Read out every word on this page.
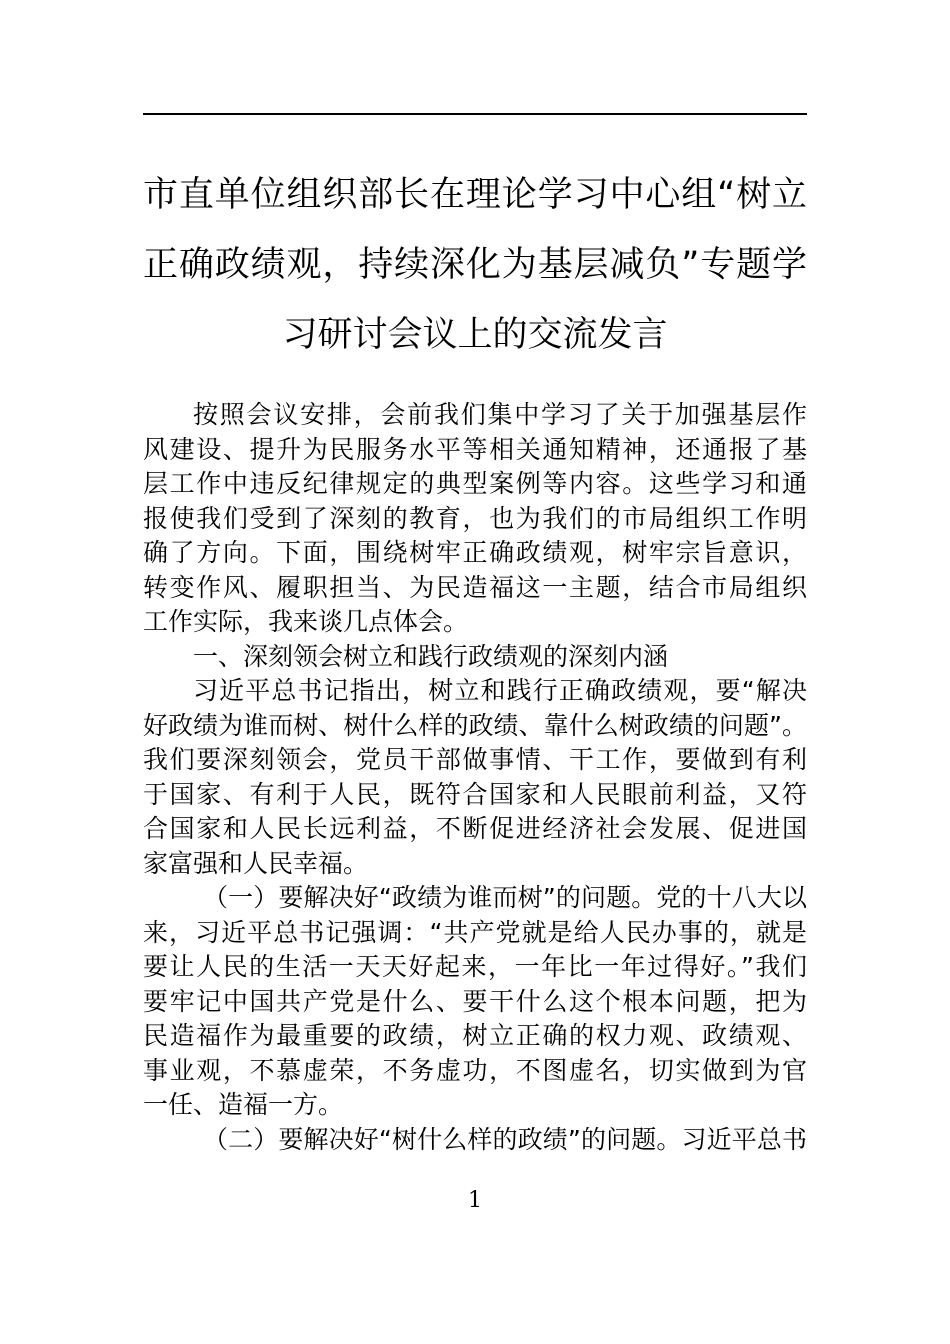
市直单位组织部长在理论学习中心组“树立
正确政绩观，持续深化为基层减负”专题学
习研讨会议上的交流发言
按照会议安排，会前我们集中学习了关于加强基层作
风建设、提升为民服务水平等相关通知精神，还通报了基
层工作中违反纪律规定的典型案例等内容。这些学习和通
报使我们受到了深刻的教育，也为我们的市局组织工作明
确了方向。下面，围绕树牢正确政绩观，树牢宗旨意识，
转变作风、履职担当、为民造福这一主题，结合市局组织
工作实际，我来谈几点体会。
一、深刻领会树立和践行政绩观的深刻内涵
习近平总书记指出，树立和践行正确政绩观，要“解决
好政绩为谁而树、树什么样的政绩、靠什么树政绩的问题”。
我们要深刻领会，党员干部做事情、干工作，要做到有利
于国家、有利于人民，既符合国家和人民眼前利益，又符
合国家和人民长远利益，不断促进经济社会发展、促进国
家富强和人民幸福。
（一）要解决好“政绩为谁而树”的问题。党的十八大以
来，习近平总书记强调：“共产党就是给人民办事的，就是
要让人民的生活一天天好起来，一年比一年过得好。”我们
要牢记中国共产党是什么、要干什么这个根本问题，把为
民造福作为最重要的政绩，树立正确的权力观、政绩观、
事业观，不慕虚荣，不务虚功，不图虚名，切实做到为官
一任、造福一方。
（二）要解决好“树什么样的政绩”的问题。习近平总书
1
